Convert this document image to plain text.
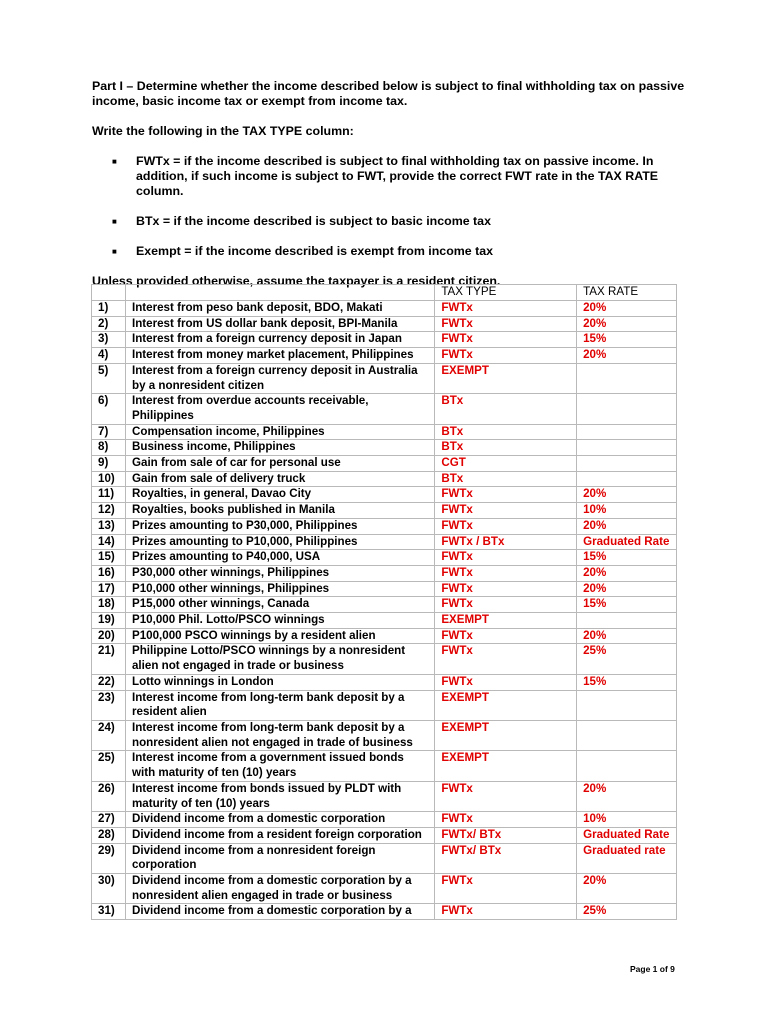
Part I – Determine whether the income described below is subject to final withholding tax on passive income, basic income tax or exempt from income tax.

Write the following in the TAX TYPE column:

■ FWTx = if the income described is subject to final withholding tax on passive income. In addition, if such income is subject to FWT, provide the correct FWT rate in the TAX RATE column.
■ BTx = if the income described is subject to basic income tax
■ Exempt = if the income described is exempt from income tax

Unless provided otherwise, assume the taxpayer is a resident citizen.

		TAX TYPE	TAX RATE
1)	Interest from peso bank deposit, BDO, Makati	FWTx	20%
2)	Interest from US dollar bank deposit, BPI-Manila	FWTx	20%
3)	Interest from a foreign currency deposit in Japan	FWTx	15%
4)	Interest from money market placement, Philippines	FWTx	20%
5)	Interest from a foreign currency deposit in Australia by a nonresident citizen	EXEMPT	
6)	Interest from overdue accounts receivable, Philippines	BTx	
7)	Compensation income, Philippines	BTx	
8)	Business income, Philippines	BTx	
9)	Gain from sale of car for personal use	CGT	
10)	Gain from sale of delivery truck	BTx	
11)	Royalties, in general, Davao City	FWTx	20%
12)	Royalties, books published in Manila	FWTx	10%
13)	Prizes amounting to P30,000, Philippines	FWTx	20%
14)	Prizes amounting to P10,000, Philippines	FWTx / BTx	Graduated Rate
15)	Prizes amounting to P40,000, USA	FWTx	15%
16)	P30,000 other winnings, Philippines	FWTx	20%
17)	P10,000 other winnings, Philippines	FWTx	20%
18)	P15,000 other winnings, Canada	FWTx	15%
19)	P10,000 Phil. Lotto/PSCO winnings	EXEMPT	
20)	P100,000 PSCO winnings by a resident alien	FWTx	20%
21)	Philippine Lotto/PSCO winnings by a nonresident alien not engaged in trade or business	FWTx	25%
22)	Lotto winnings in London	FWTx	15%
23)	Interest income from long-term bank deposit by a resident alien	EXEMPT	
24)	Interest income from long-term bank deposit by a nonresident alien not engaged in trade of business	EXEMPT	
25)	Interest income from a government issued bonds with maturity of ten (10) years	EXEMPT	
26)	Interest income from bonds issued by PLDT with maturity of ten (10) years	FWTx	20%
27)	Dividend income from a domestic corporation	FWTx	10%
28)	Dividend income from a resident foreign corporation	FWTx/ BTx	Graduated Rate
29)	Dividend income from a nonresident foreign corporation	FWTx/ BTx	Graduated rate
30)	Dividend income from a domestic corporation by a nonresident alien engaged in trade or business	FWTx	20%
31)	Dividend income from a domestic corporation by a	FWTx	25%
Page 1 of 9
